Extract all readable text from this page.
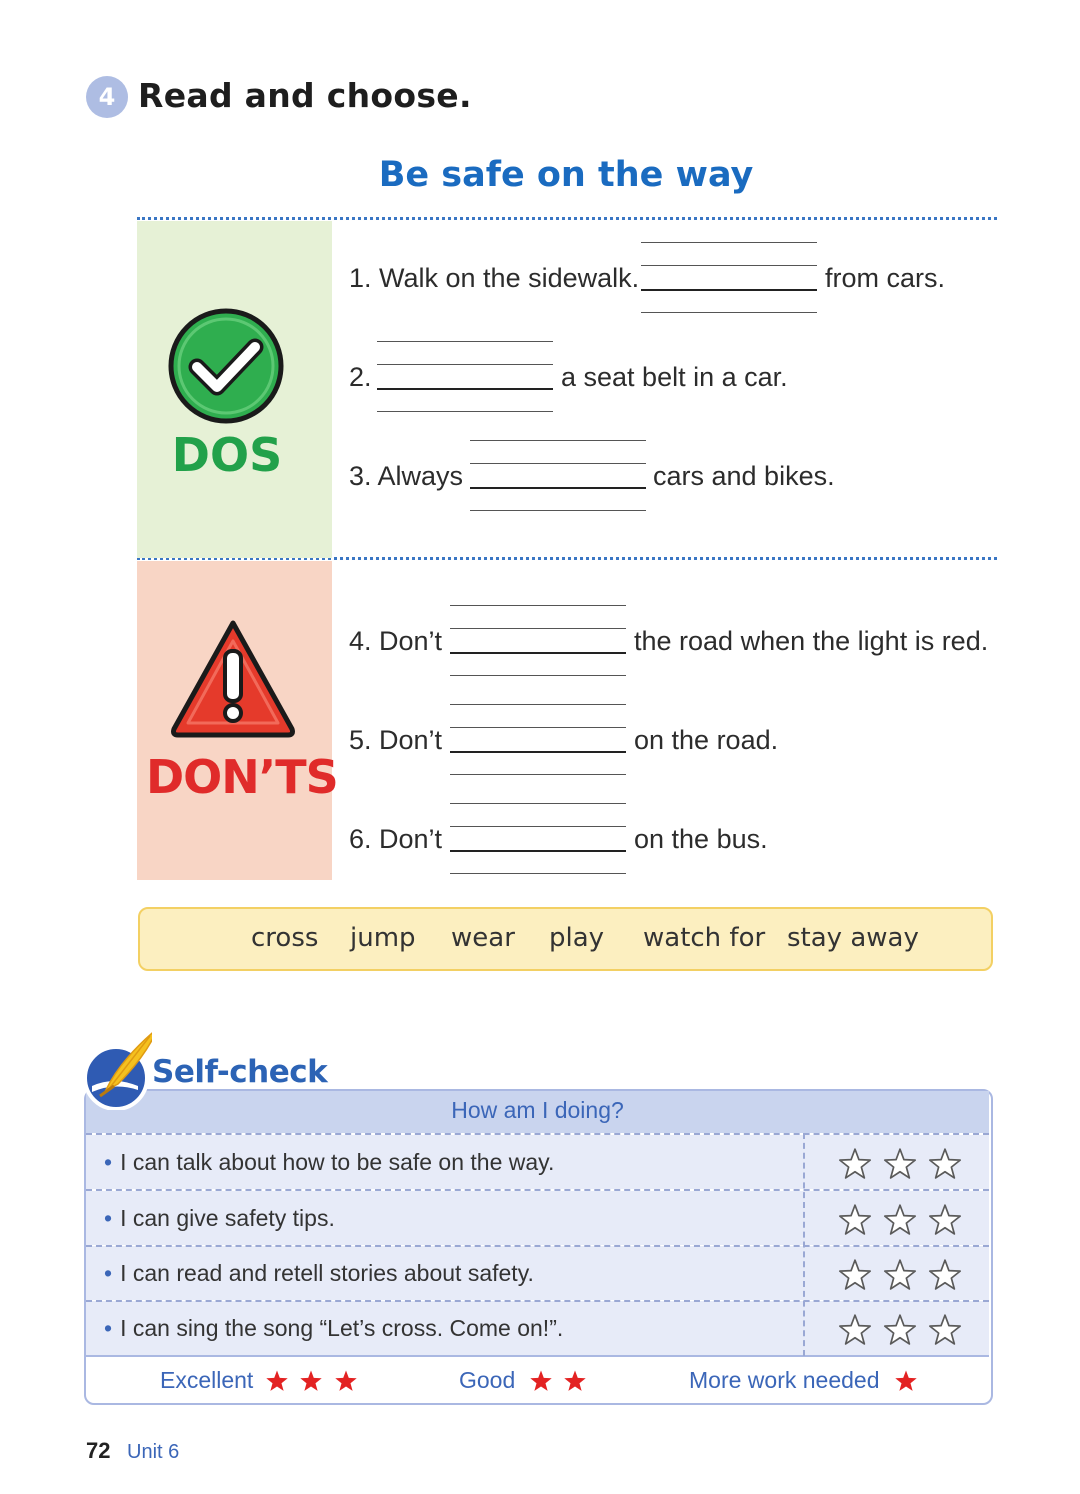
4 Read and choose.
Be safe on the way
DOS
DON’TS
1. Walk on the sidewalk.	from cars.
2.	a seat belt in a car.
3. Always	cars and bikes.
4. Don’t	the road when the light is red.
5. Don’t	on the road.
6. Don’t	on the bus.
cross jump wear play watch for stay away
How am I doing?
• I can talk about how to be safe on the way.
• I can give safety tips.
• I can read and retell stories about safety.
• I can sing the song “Let’s cross. Come on!”.
Excellent	Good	More work needed
Self-check
72 Unit 6
